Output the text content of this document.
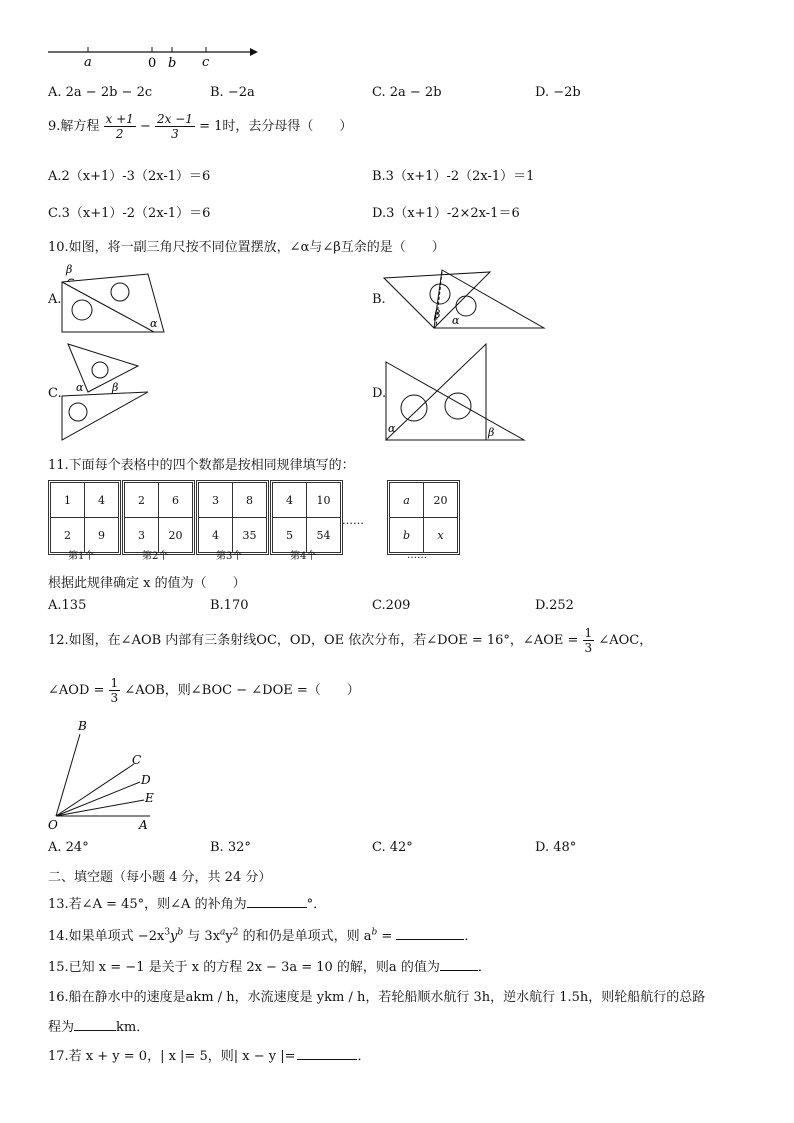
a	0 b c
A. 2a − 2b − 2c	B. −2a	C. 2a − 2b	D. −2b
9.解方程 $\frac{x +1}{2} - \frac{2x -1}{3} = 1$时，去分母得（　　）
A.2（x+1）-3（2x-1）＝6	B.3（x+1）-2（2x-1）＝1
C.3（x+1）-2（2x-1）＝6	D.3（x+1）-2×2x-1＝6
10.如图，将一副三角尺按不同位置摆放，∠α与∠β互余的是（　　）
A.
β
α
B.
β α
C. α	β	D.
α	β
11.下面每个表格中的四个数都是按相同规律填写的：
1	4
2	9
第1个
2	6
3	20
第2个
3	8
4	35
第3个
4	10
5	54
第4个
……
a	20
b	x
……
根据此规律确定 x 的值为（　　）
A.135	B.170	C.209	D.252
12.如图，在∠AOB 内部有三条射线OC，OD，OE 依次分布，若∠DOE = 16°，∠AOE = $\frac{1}{3}$ ∠AOC，
∠AOD = $\frac{1}{3}$ ∠AOB，则∠BOC − ∠DOE =（　　）
B
C
D
E
O	A
A. 24°	B. 32°	C. 42°	D. 48°
二、填空题（每小题 4 分，共 24 分）
13.若∠A = 45°，则∠A 的补角为	°．
14.如果单项式 $-2x^3y^b$ 与 $3x^ay^2$ 的和仍是单项式，则 $a^b$ =	．
15.已知 x = −1 是关于 x 的方程 2x − 3a = 10 的解，则a 的值为	．
16.船在静水中的速度是akm / h，水流速度是 ykm / h，若轮船顺水航行 3h，逆水航行 1.5h，则轮船航行的总路
程为	km．
17.若 x + y = 0，| x |= 5，则| x − y |=	．
